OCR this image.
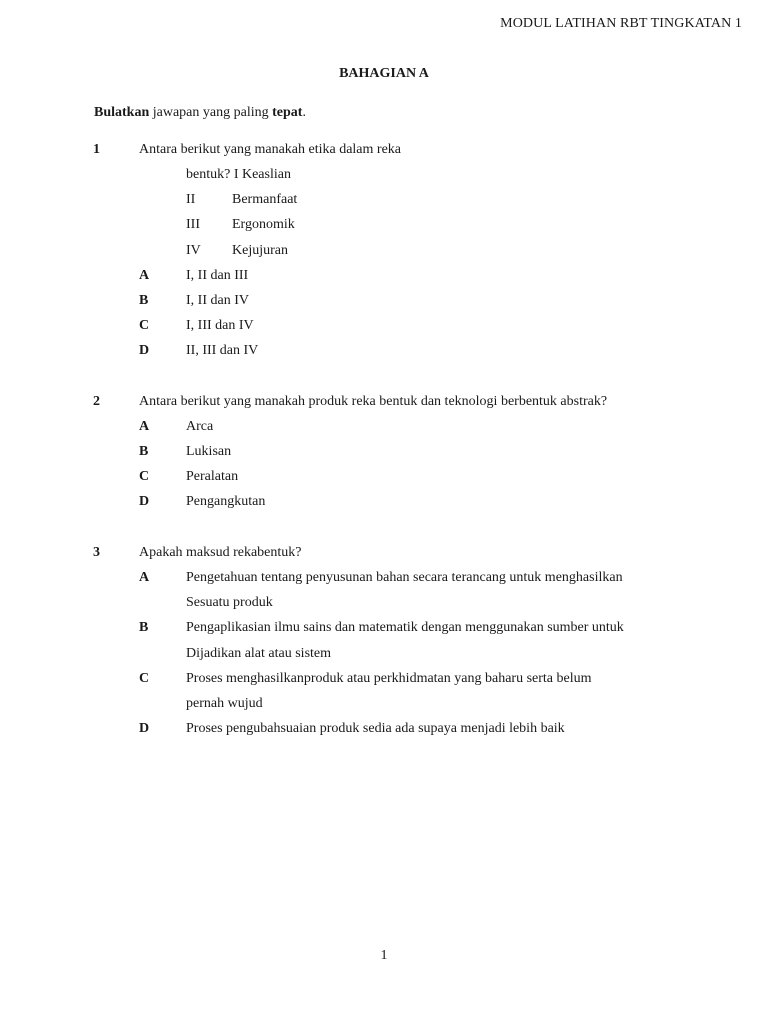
MODUL LATIHAN RBT TINGKATAN 1
BAHAGIAN A
Bulatkan jawapan yang paling tepat.
1	Antara berikut yang manakah etika dalam reka
bentuk? I Keaslian
II	Bermanfaat
III Ergonomik
IV Kejujuran
A	I, II dan III
B	I, II dan IV
C	I, III dan IV
D	II, III dan IV
2	Antara berikut yang manakah produk reka bentuk dan teknologi berbentuk abstrak?
A	Arca
B	Lukisan
C	Peralatan
D	Pengangkutan
3	Apakah maksud rekabentuk?
A	Pengetahuan tentang penyusunan bahan secara terancang untuk menghasilkan
Sesuatu produk
B	Pengaplikasian ilmu sains dan matematik dengan menggunakan sumber untuk
Dijadikan alat atau sistem
C	Proses menghasilkanproduk atau perkhidmatan yang baharu serta belum
pernah wujud
D	Proses pengubahsuaian produk sedia ada supaya menjadi lebih baik
1
